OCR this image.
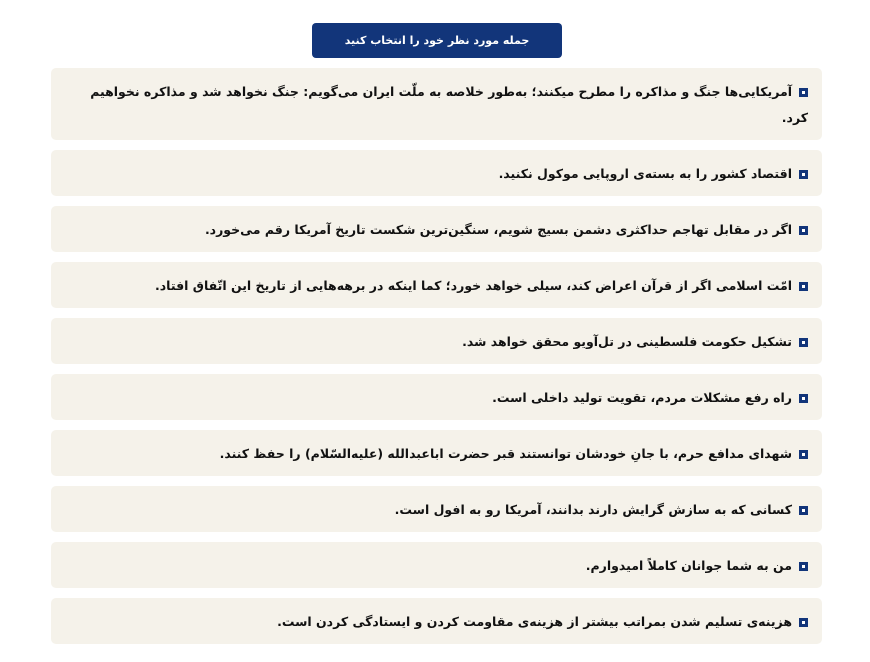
جمله مورد نظر خود را انتخاب کنید
آمریکایی‌ها جنگ و مذاکره را مطرح میکنند؛ به‌طور خلاصه به ملّت ایران می‌گویم: جنگ نخواهد شد و مذاکره نخواهیم کرد.
اقتصاد کشور را به بسته‌ی اروپایی موکول نکنید.
اگر در مقابل تهاجم حداکثری دشمن بسیج شویم، سنگین‌ترین شکست تاریخ آمریکا رقم می‌خورد.
امّت اسلامی اگر از قرآن اعراض کند، سیلی خواهد خورد؛ کما اینکه در برهه‌هایی از تاریخ این اتّفاق افتاد.
تشکیل حکومت فلسطینی در تل‌آویو محقق خواهد شد.
راه رفع مشکلات مردم، تقویت تولید داخلی است.
شهدای مدافع حرم، با جانِ خودشان توانستند قبر حضرت اباعبدالله (علیه‌السّلام) را حفظ کنند.
کسانی که به سازش گرایش دارند بدانند، آمریکا رو به افول است.
من به شما جوانان کاملاً امیدوارم.
هزینه‌ی تسلیم شدن بمراتب بیشتر از هزینه‌ی مقاومت کردن و ایستادگی کردن است.
